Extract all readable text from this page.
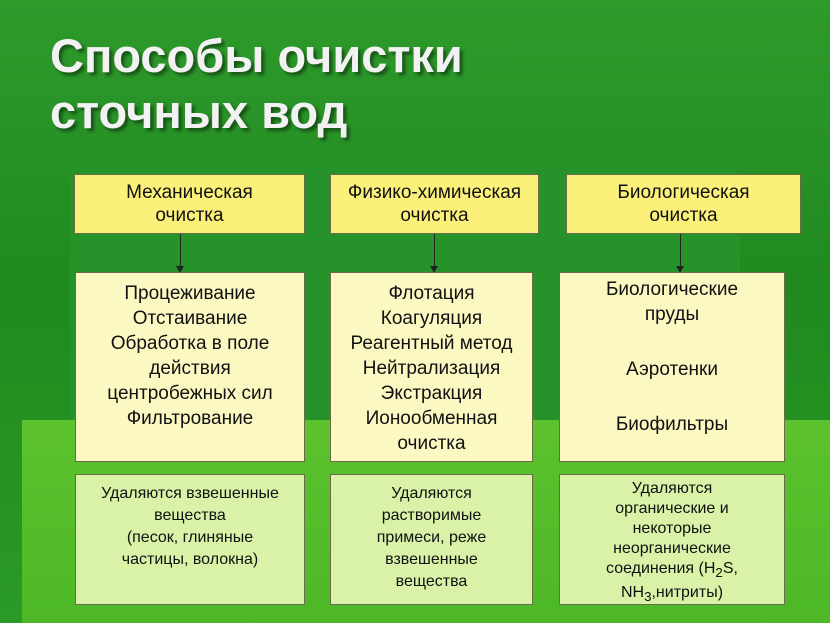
Способы очистки
сточных вод
Механическая
очистка
Процеживание
Отстаивание
Обработка в поле
действия
центробежных сил
Фильтрование
Удаляются взвешенные
вещества
(песок, глиняные
частицы, волокна)
Физико-химическая
очистка
Флотация
Коагуляция
Реагентный метод
Нейтрализация
Экстракция
Ионообменная
очистка
Удаляются
растворимые
примеси, реже
взвешенные
вещества
Биологическая
очистка
Биологические
пруды
Аэротенки
Биофильтры
Удаляются
органические и
некоторые
неорганические
соединения ($H_2S$,
$NH_3,нитриты$)
